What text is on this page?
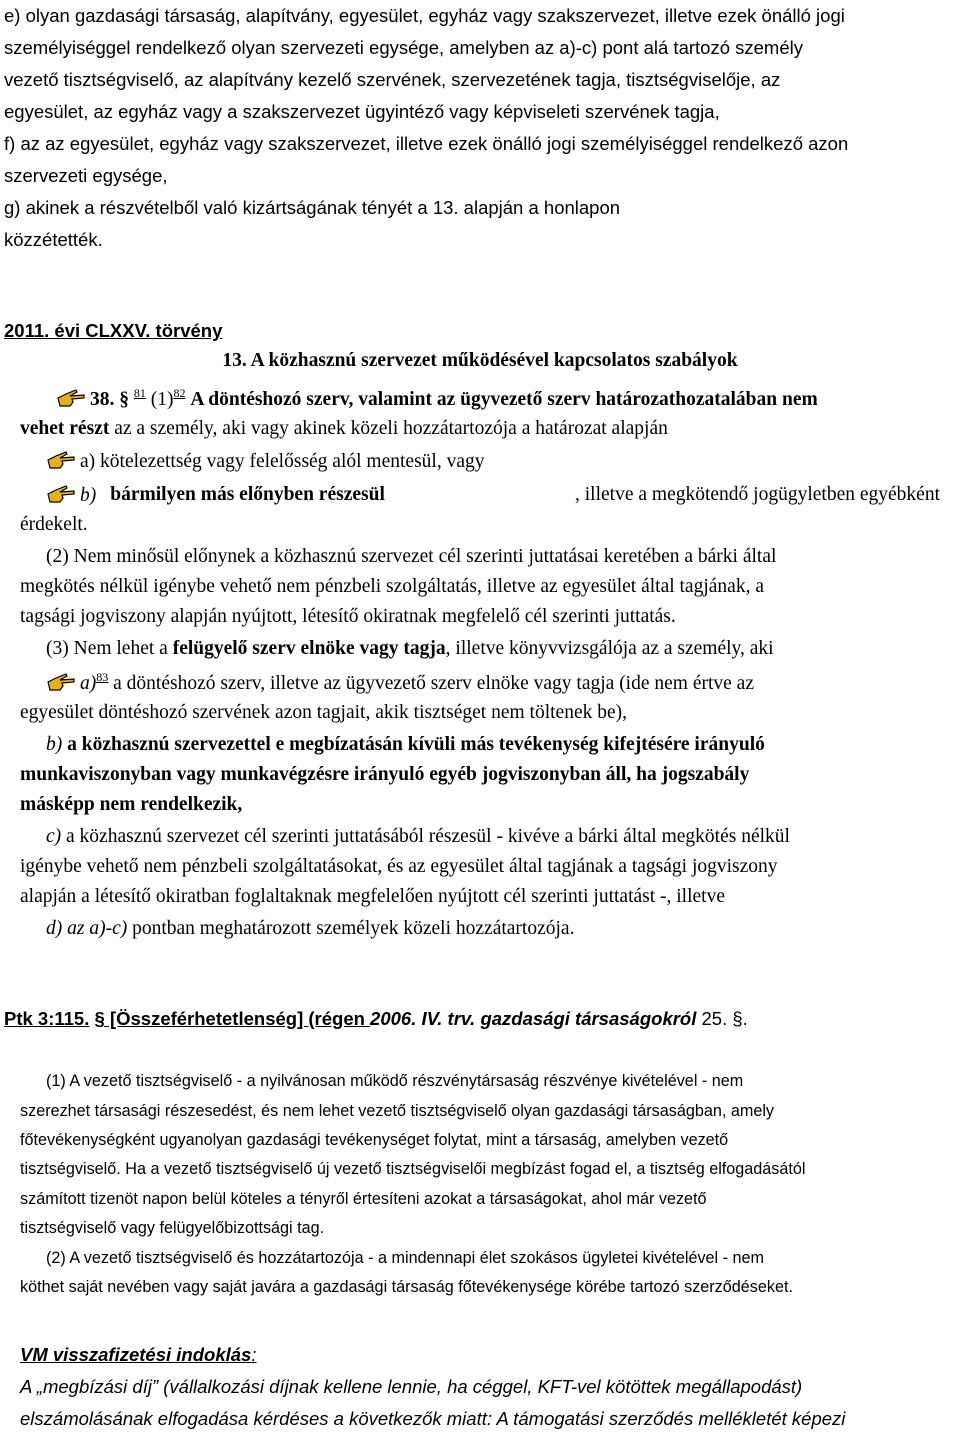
e) olyan gazdasági társaság, alapítvány, egyesület, egyház vagy szakszervezet, illetve ezek önálló jogi
személyiséggel rendelkező olyan szervezeti egysége, amelyben az a)-c) pont alá tartozó személy
vezető tisztségviselő, az alapítvány kezelő szervének, szervezetének tagja, tisztségviselője, az
egyesület, az egyház vagy a szakszervezet ügyintéző vagy képviseleti szervének tagja,
f) az az egyesület, egyház vagy szakszervezet, illetve ezek önálló jogi személyiséggel rendelkező azon
szervezeti egysége,
g) akinek a részvételből való kizártságának tényét a 13. alapján a honlapon
közzétették.
2011. évi CLXXV. törvény
13. A közhasznú szervezet működésével kapcsolatos szabályok
38. § $^{81}$ $(1)^{82}$ A döntéshozó szerv, valamint az ügyvezető szerv határozathozatalában nem
vehet részt az a személy, aki vagy akinek közeli hozzátartozója a határozat alapján
a) kötelezettség vagy felelősség alól mentesül, vagy
b) bármilyen más előnyben részesül	, illetve a megkötendő jogügyletben egyébként
érdekelt.
(2) Nem minősül előnynek a közhasznú szervezet cél szerinti juttatásai keretében a bárki által
megkötés nélkül igénybe vehető nem pénzbeli szolgáltatás, illetve az egyesület által tagjának, a
tagsági jogviszony alapján nyújtott, létesítő okiratnak megfelelő cél szerinti juttatás.
(3) Nem lehet a felügyelő szerv elnöke vagy tagja, illetve könyvvizsgálója az a személy, aki
a)$^{83}$ a döntéshozó szerv, illetve az ügyvezető szerv elnöke vagy tagja (ide nem értve az
egyesület döntéshozó szervének azon tagjait, akik tisztséget nem töltenek be),
b) a közhasznú szervezettel e megbízatásán kívüli más tevékenység kifejtésére irányuló
munkaviszonyban vagy munkavégzésre irányuló egyéb jogviszonyban áll, ha jogszabály
másképp nem rendelkezik,
c) a közhasznú szervezet cél szerinti juttatásából részesül - kivéve a bárki által megkötés nélkül
igénybe vehető nem pénzbeli szolgáltatásokat, és az egyesület által tagjának a tagsági jogviszony
alapján a létesítő okiratban foglaltaknak megfelelően nyújtott cél szerinti juttatást -, illetve
d) az a)-c) pontban meghatározott személyek közeli hozzátartozója.
Ptk 3:115. § [Összeférhetetlenség] (régen 2006. IV. trv. gazdasági társaságokról 25. §.
(1) A vezető tisztségviselő - a nyilvánosan működő részvénytársaság részvénye kivételével - nem
szerezhet társasági részesedést, és nem lehet vezető tisztségviselő olyan gazdasági társaságban, amely
főtevékenységként ugyanolyan gazdasági tevékenységet folytat, mint a társaság, amelyben vezető
tisztségviselő. Ha a vezető tisztségviselő új vezető tisztségviselői megbízást fogad el, a tisztség elfogadásától
számított tizenöt napon belül köteles a tényről értesíteni azokat a társaságokat, ahol már vezető
tisztségviselő vagy felügyelőbizottsági tag.
(2) A vezető tisztségviselő és hozzátartozója - a mindennapi élet szokásos ügyletei kivételével - nem
köthet saját nevében vagy saját javára a gazdasági társaság főtevékenysége körébe tartozó szerződéseket.
VM visszafizetési indoklás:
A „megbízási díj” (vállalkozási díjnak kellene lennie, ha céggel, KFT-vel kötöttek megállapodást)
elszámolásának elfogadása kérdéses a következők miatt: A támogatási szerződés mellékletét képezi
